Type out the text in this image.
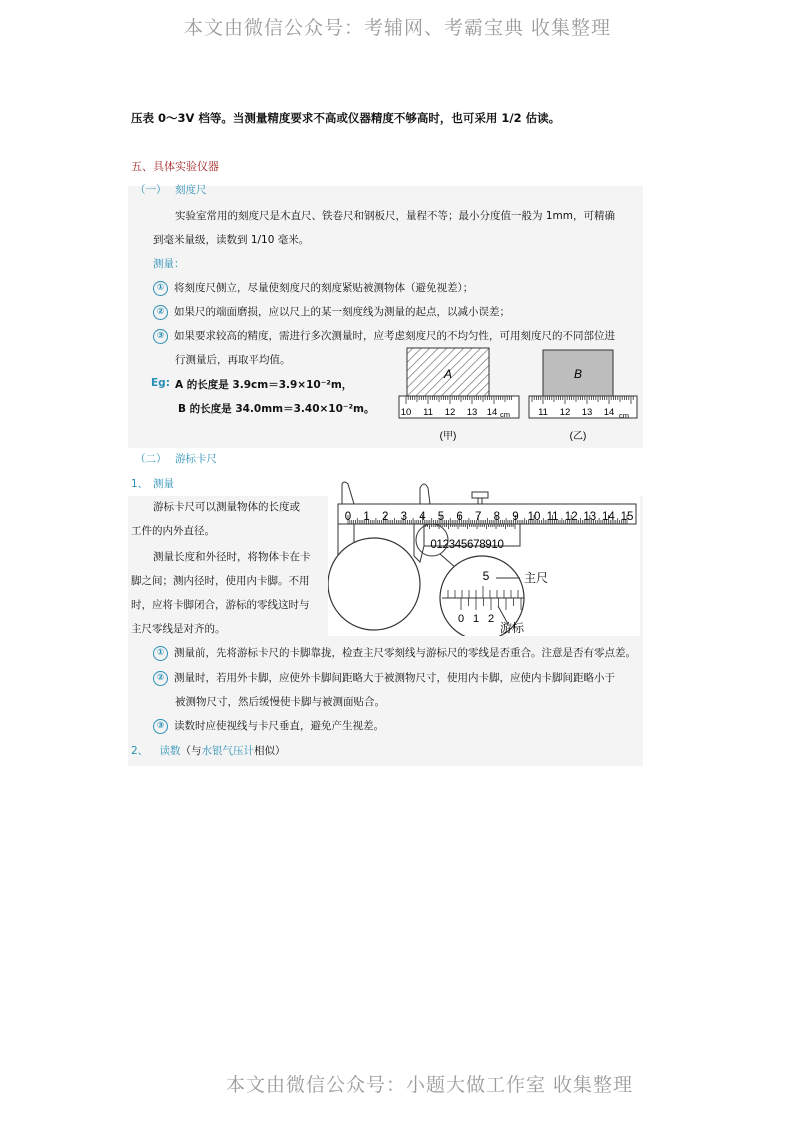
本文由微信公众号：考辅网、考霸宝典 收集整理
本文由微信公众号：小题大做工作室 收集整理
压表 0～3V 档等。当测量精度要求不高或仪器精度不够高时，也可采用 1/2 估读。
五、具体实验仪器
（一） 刻度尺
实验室常用的刻度尺是木直尺、铁卷尺和钢板尺，量程不等；最小分度值一般为 1mm，可精确
到毫米量级，读数到 1/10 毫米。
测量：
① 将刻度尺侧立，尽量使刻度尺的刻度紧贴被测物体（避免视差）；
② 如果尺的端面磨损，应以尺上的某一刻度线为测量的起点，以减小误差；
③ 如果要求较高的精度，需进行多次测量时，应考虑刻度尺的不均匀性，可用刻度尺的不同部位进
行测量后，再取平均值。
Eg: A 的长度是 3.9cm＝3.9×10⁻²m，
B 的长度是 34.0mm＝3.40×10⁻²m。
A
10 11 12 13 14 cm
(甲)
B
11 12 13 14 cm
(乙)
（二） 游标卡尺
1、 测量
游标卡尺可以测量物体的长度或
工件的内外直径。
测量长度和外径时，将物体卡在卡
脚之间；测内径时，使用内卡脚。不用
时，应将卡脚闭合，游标的零线这时与
主尺零线是对齐的。
0 1 2 3 4 5 6 7 8 9 10 11 12 13 14 15
012345678910
5
0 1 2
主尺
游标
① 测量前，先将游标卡尺的卡脚靠拢，检查主尺零刻线与游标尺的零线是否重合。注意是否有零点差。
② 测量时，若用外卡脚，应使外卡脚间距略大于被测物尺寸，使用内卡脚，应使内卡脚间距略小于
被测物尺寸，然后缓慢使卡脚与被测面贴合。
③ 读数时应使视线与卡尺垂直，避免产生视差。
2、 读数（与水银气压计相似）
